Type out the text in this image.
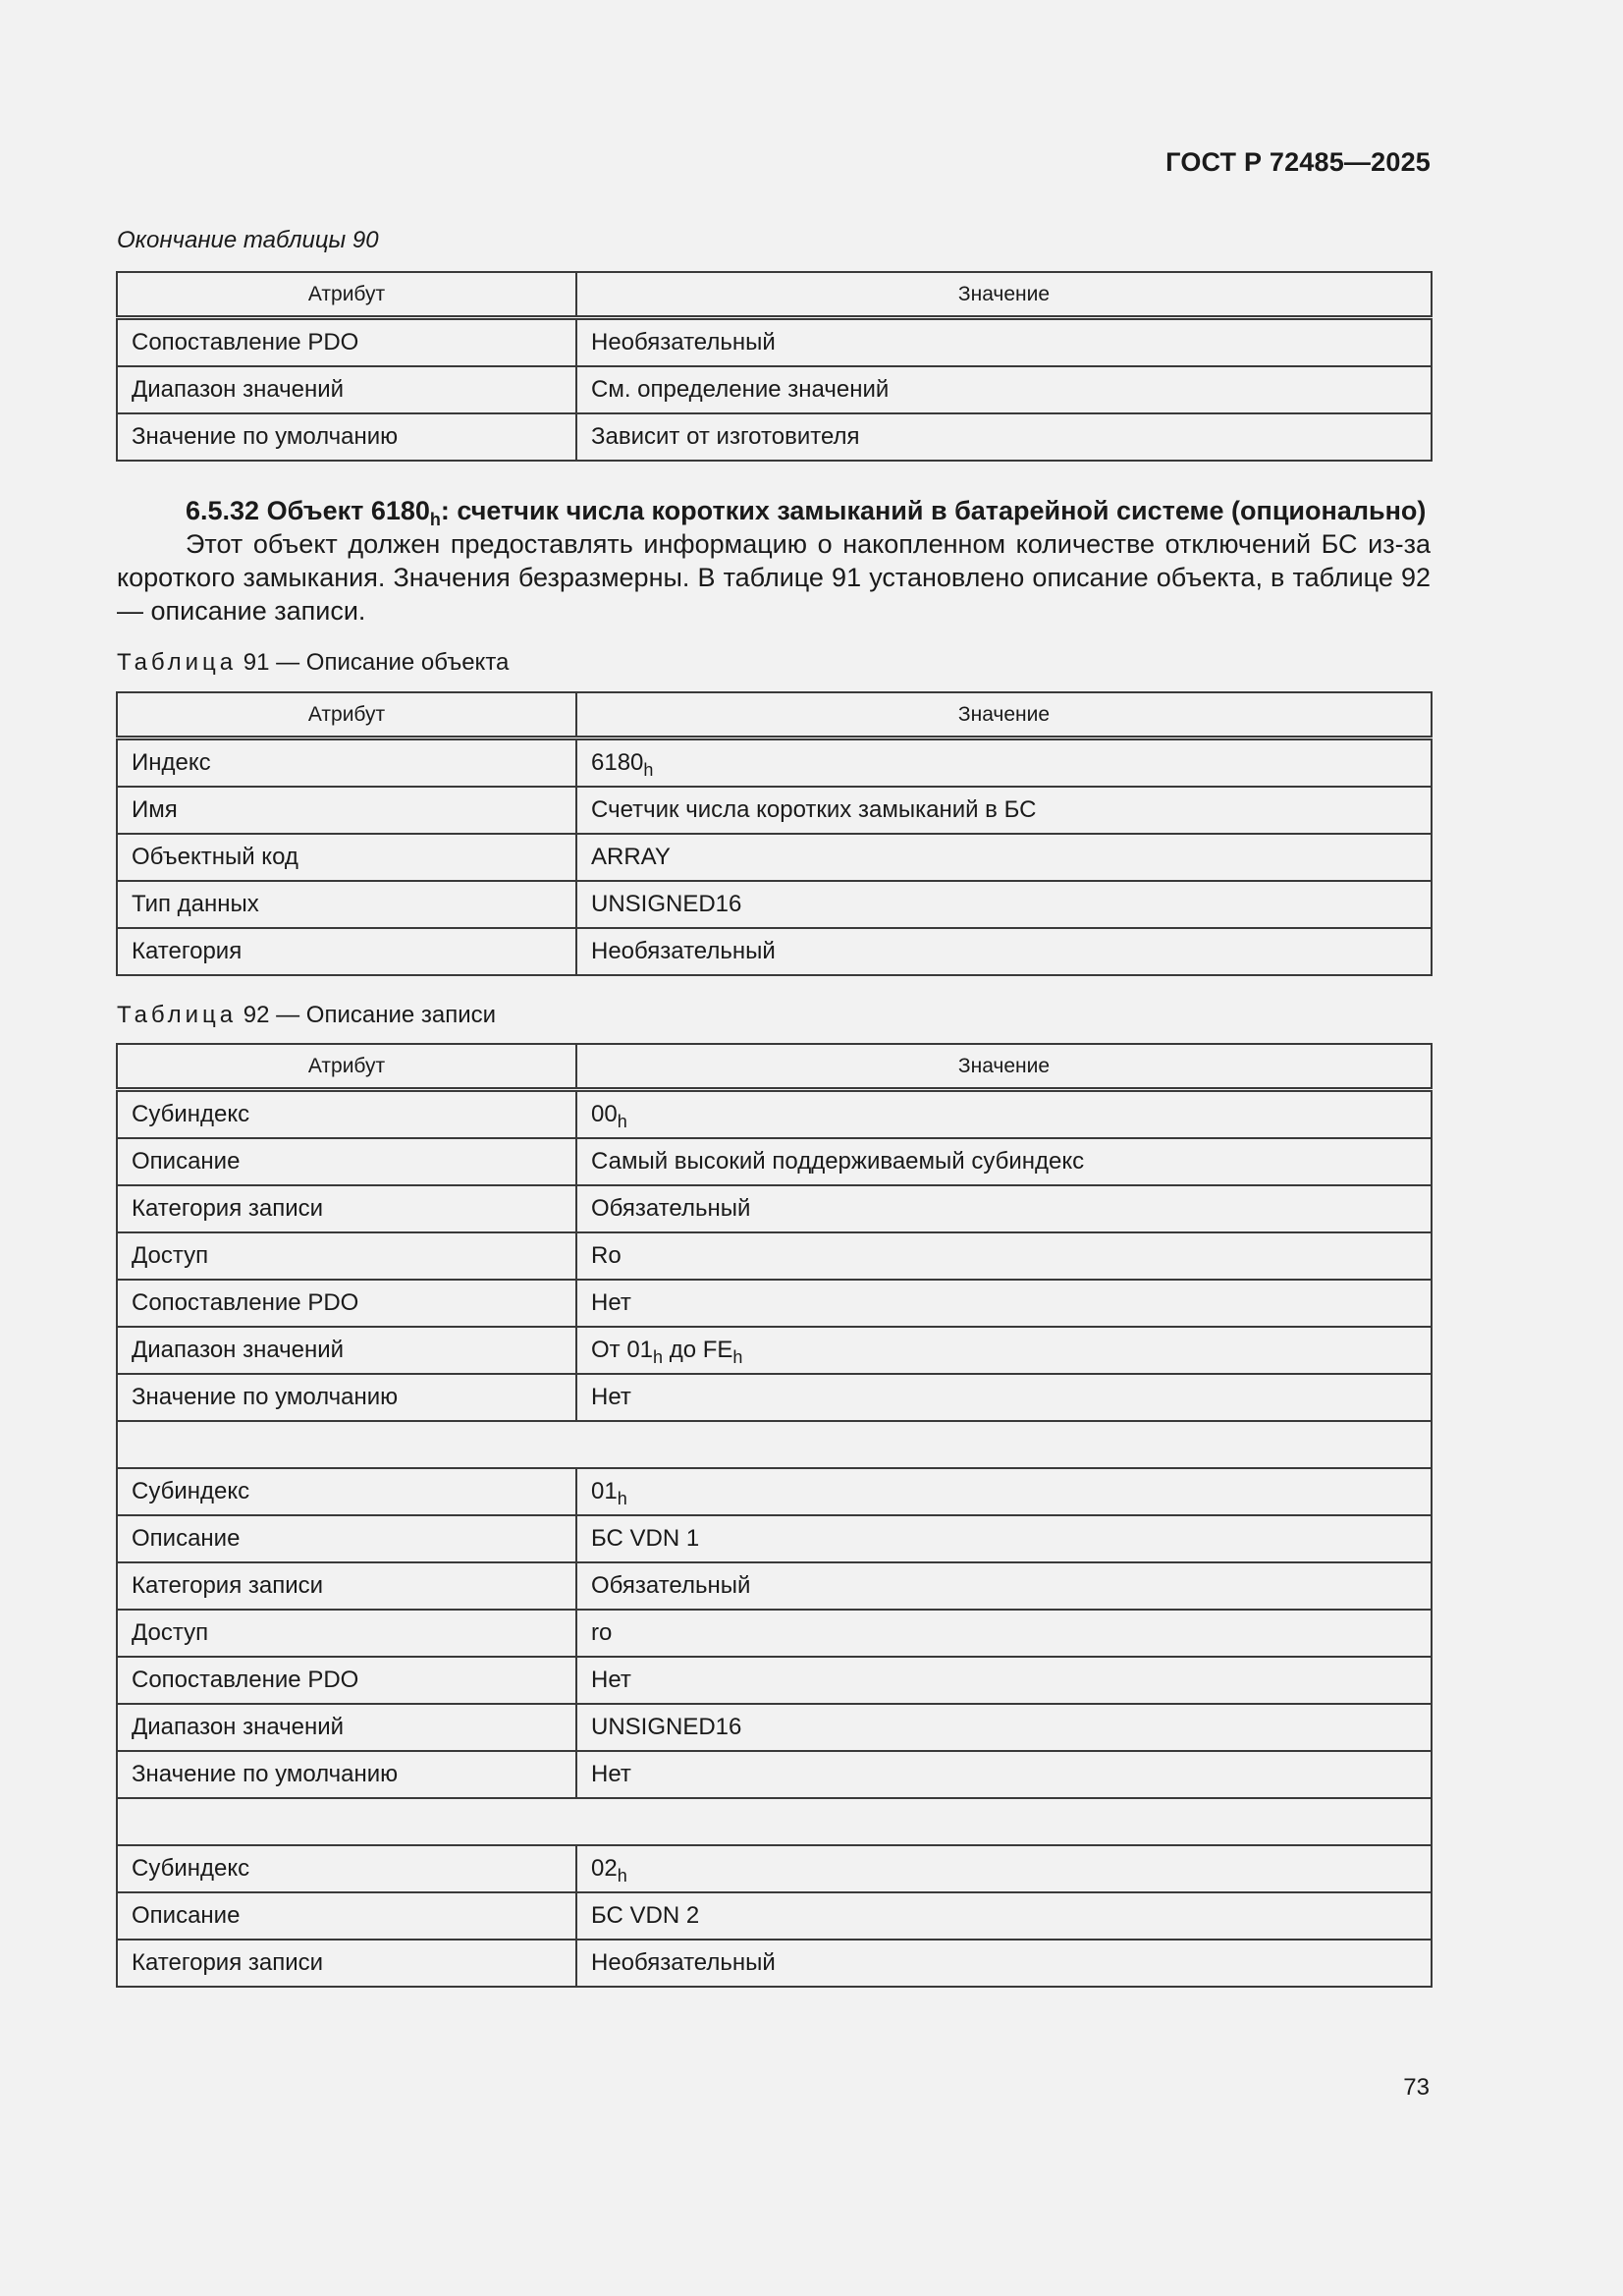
ГОСТ Р 72485—2025
Окончание таблицы 90
Атрибут	Значение
Сопоставление PDO	Необязательный
Диапазон значений	См. определение значений
Значение по умолчанию	Зависит от изготовителя
6.5.32 Объект $6180_h$: счетчик числа коротких замыканий в батарейной системе (опционально)
Этот объект должен предоставлять информацию о накопленном количестве отключений БС из-за короткого замыкания. Значения безразмерны. В таблице 91 установлено описание объекта, в таблице 92 — описание записи.
Таблица 91 — Описание объекта
Атрибут	Значение
Индекс	$6180_h$
Имя	Счетчик числа коротких замыканий в БС
Объектный код	ARRAY
Тип данных	UNSIGNED16
Категория	Необязательный
Таблица 92 — Описание записи
Атрибут	Значение
Субиндекс	$00_h$
Описание	Самый высокий поддерживаемый субиндекс
Категория записи	Обязательный
Доступ	Ro
Сопоставление PDO	Нет
Диапазон значений	От $01_h$ до $FE_h$
Значение по умолчанию	Нет

Субиндекс	$01_h$
Описание	БС VDN 1
Категория записи	Обязательный
Доступ	ro
Сопоставление PDO	Нет
Диапазон значений	UNSIGNED16
Значение по умолчанию	Нет

Субиндекс	$02_h$
Описание	БС VDN 2
Категория записи	Необязательный
73
